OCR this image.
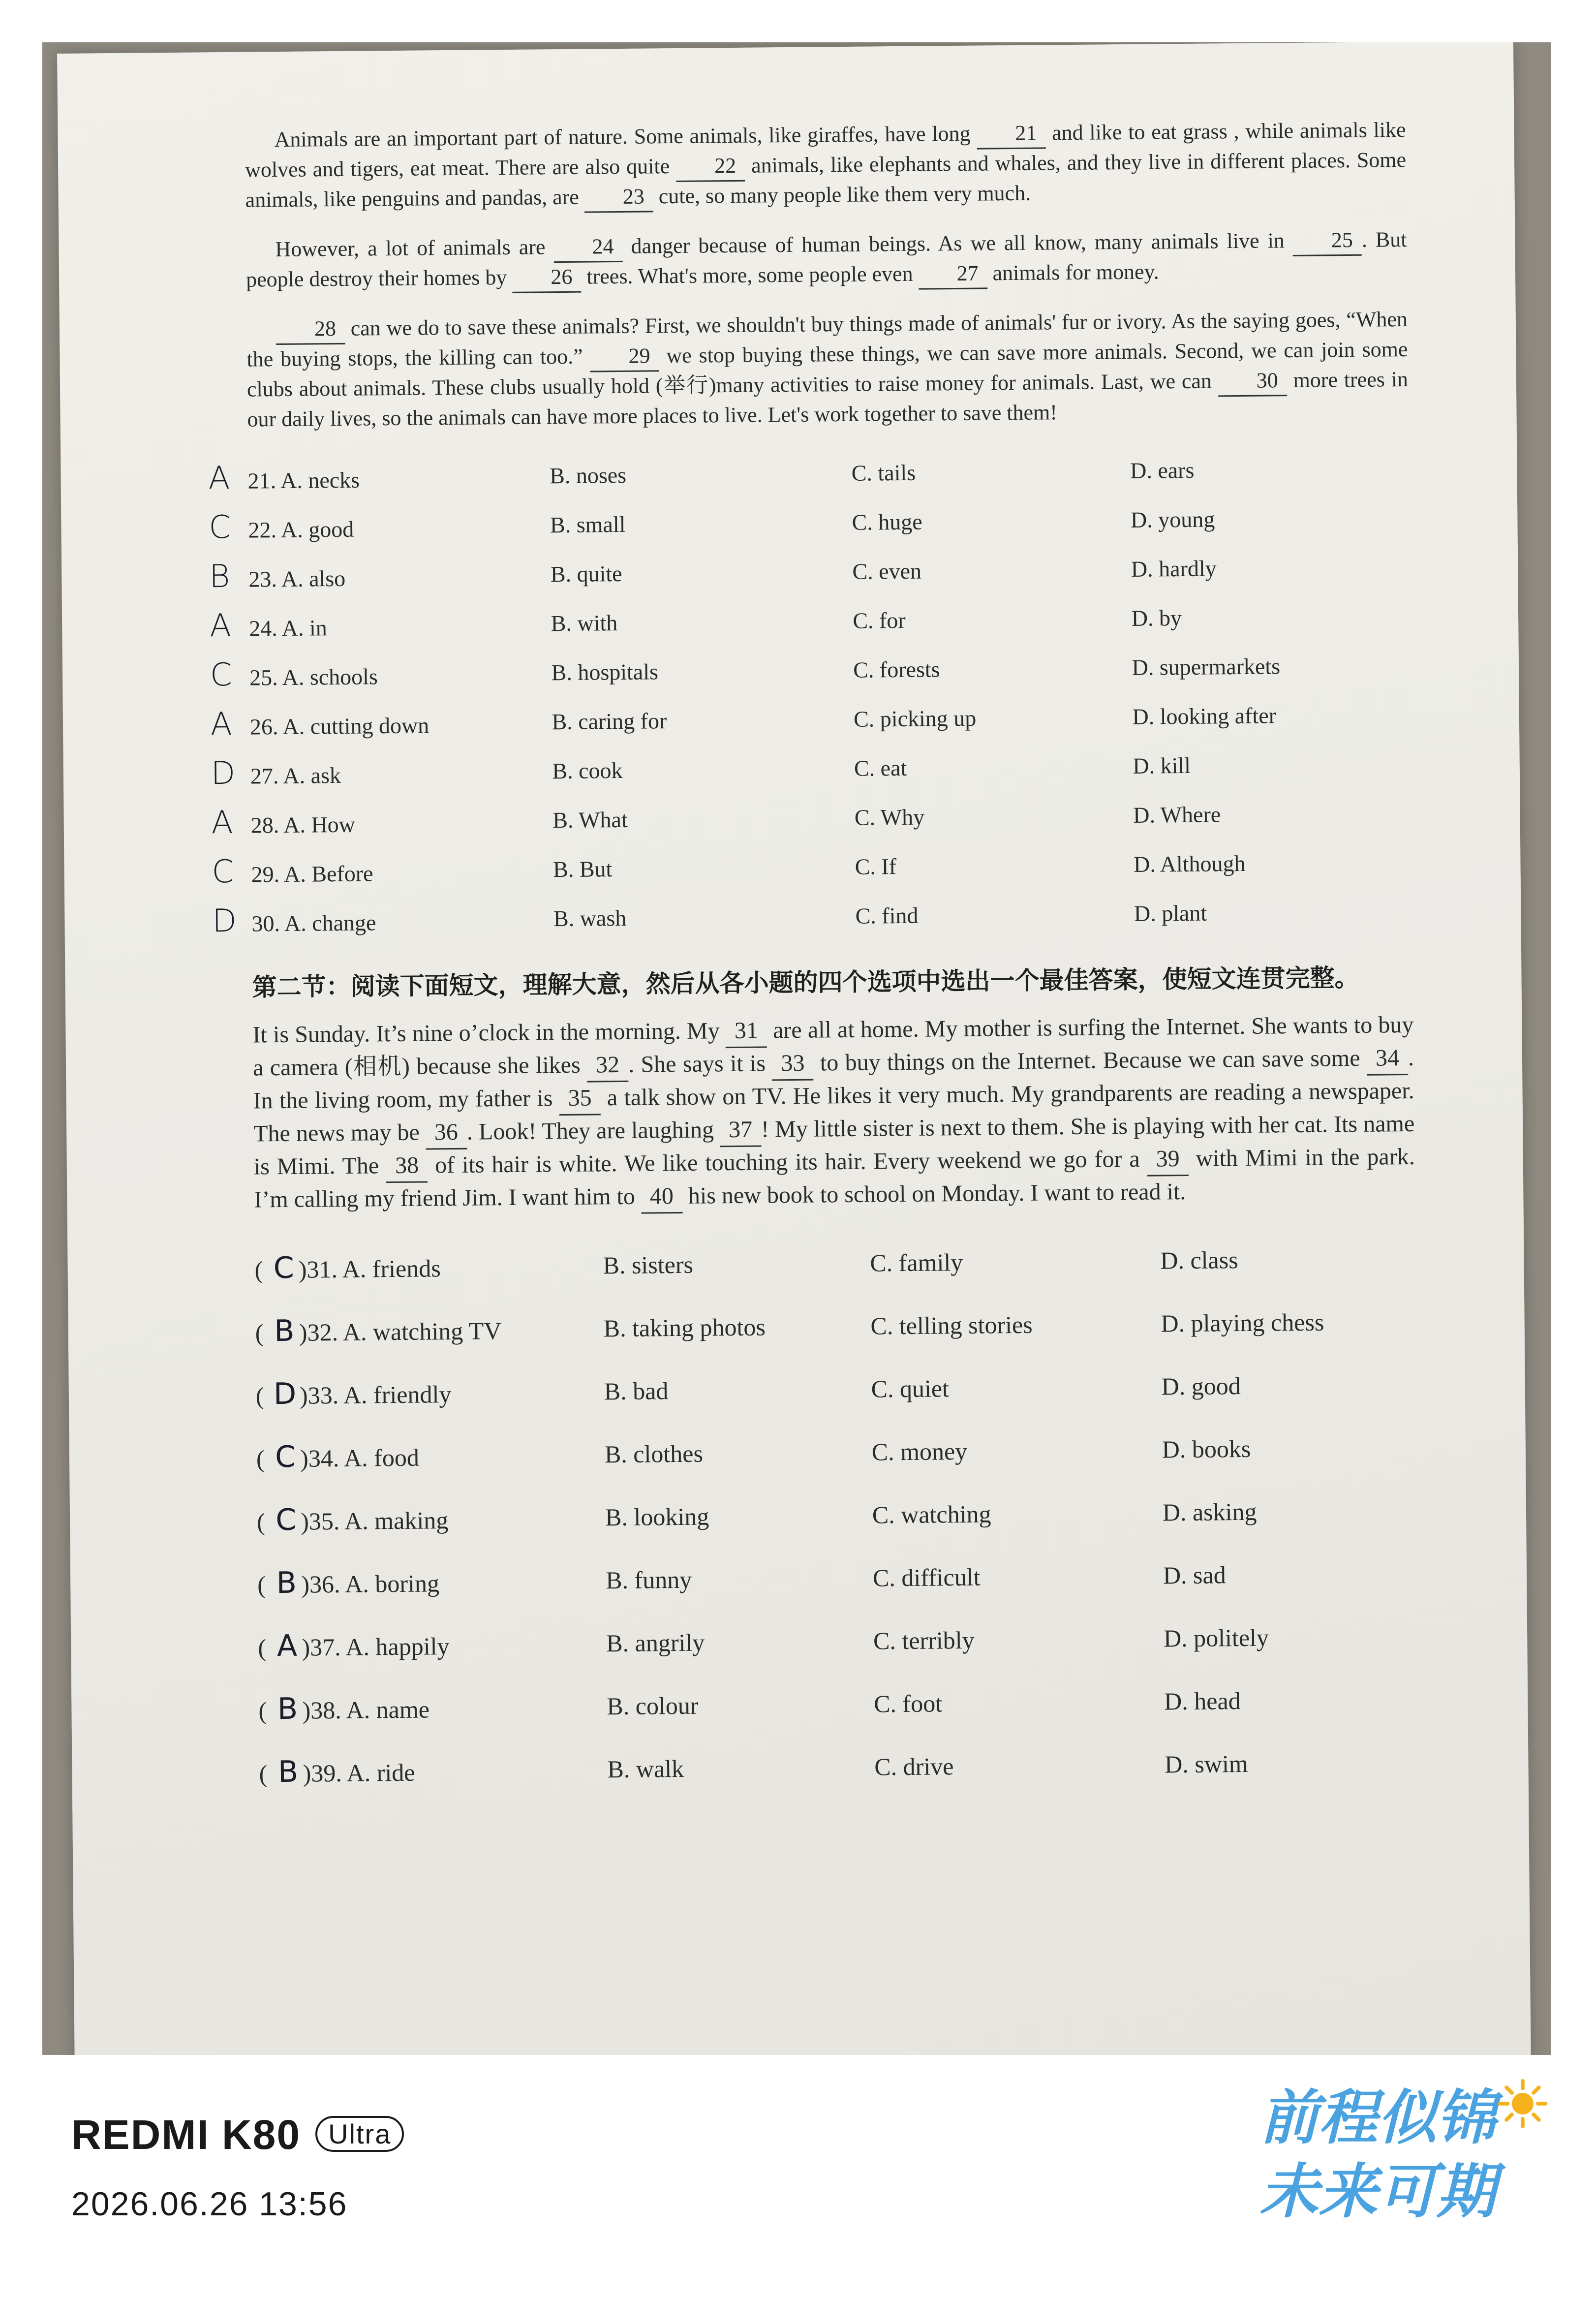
Animals are an important part of nature. Some animals, like giraffes, have long 21 and like to eat grass , while animals like wolves and tigers, eat meat. There are also quite 22 animals, like elephants and whales, and they live in different places. Some animals, like penguins and pandas, are 23 cute, so many people like them very much.

However, a lot of animals are 24 danger because of human beings. As we all know, many animals live in 25 . But people destroy their homes by 26 trees. What's more, some people even 27 animals for money.

28 can we do to save these animals? First, we shouldn't buy things made of animals' fur or ivory. As the saying goes, “When the buying stops, the killing can too.” 29 we stop buying these things, we can save more animals. Second, we can join some clubs about animals. These clubs usually hold (举行)many activities to raise money for animals. Last, we can 30 more trees in our daily lives, so the animals can have more places to live. Let's work together to save them!

A 21. A. necks	B. noses	C. tails	D. ears
C 22. A. good	B. small	C. huge	D. young
B 23. A. also	B. quite	C. even	D. hardly
A 24. A. in	B. with	C. for	D. by
C 25. A. schools	B. hospitals	C. forests	D. supermarkets
A 26. A. cutting down	B. caring for	C. picking up	D. looking after
D 27. A. ask	B. cook	C. eat	D. kill
A 28. A. How	B. What	C. Why	D. Where
C 29. A. Before	B. But	C. If	D. Although
D 30. A. change	B. wash	C. find	D. plant
第二节：阅读下面短文，理解大意，然后从各小题的四个选项中选出一个最佳答案，使短文连贯完整。

It is Sunday. It’s nine o’clock in the morning. My 31 are all at home. My mother is surfing the Internet. She wants to buy a camera (相机) because she likes 32 . She says it is 33 to buy things on the Internet. Because we can save some 34 . In the living room, my father is 35 a talk show on TV. He likes it very much. My grandparents are reading a newspaper. The news may be 36 . Look! They are laughing 37 ! My little sister is next to them. She is playing with her cat. Its name is Mimi. The 38 of its hair is white. We like touching its hair. Every weekend we go for a 39 with Mimi in the park. I’m calling my friend Jim. I want him to 40 his new book to school on Monday. I want to read it.

( C )31. A. friends	B. sisters	C. family	D. class
( B )32. A. watching TV	B. taking photos	C. telling stories	D. playing chess
( D )33. A. friendly	B. bad	C. quiet	D. good
( C )34. A. food	B. clothes	C. money	D. books
( C )35. A. making	B. looking	C. watching	D. asking
( B )36. A. boring	B. funny	C. difficult	D. sad
( A )37. A. happily	B. angrily	C. terribly	D. politely
( B )38. A. name	B. colour	C. foot	D. head
( B )39. A. ride	B. walk	C. drive	D. swim
REDMI K80 Ultra
2026.06.26 13:56
前程似锦
未来可期
